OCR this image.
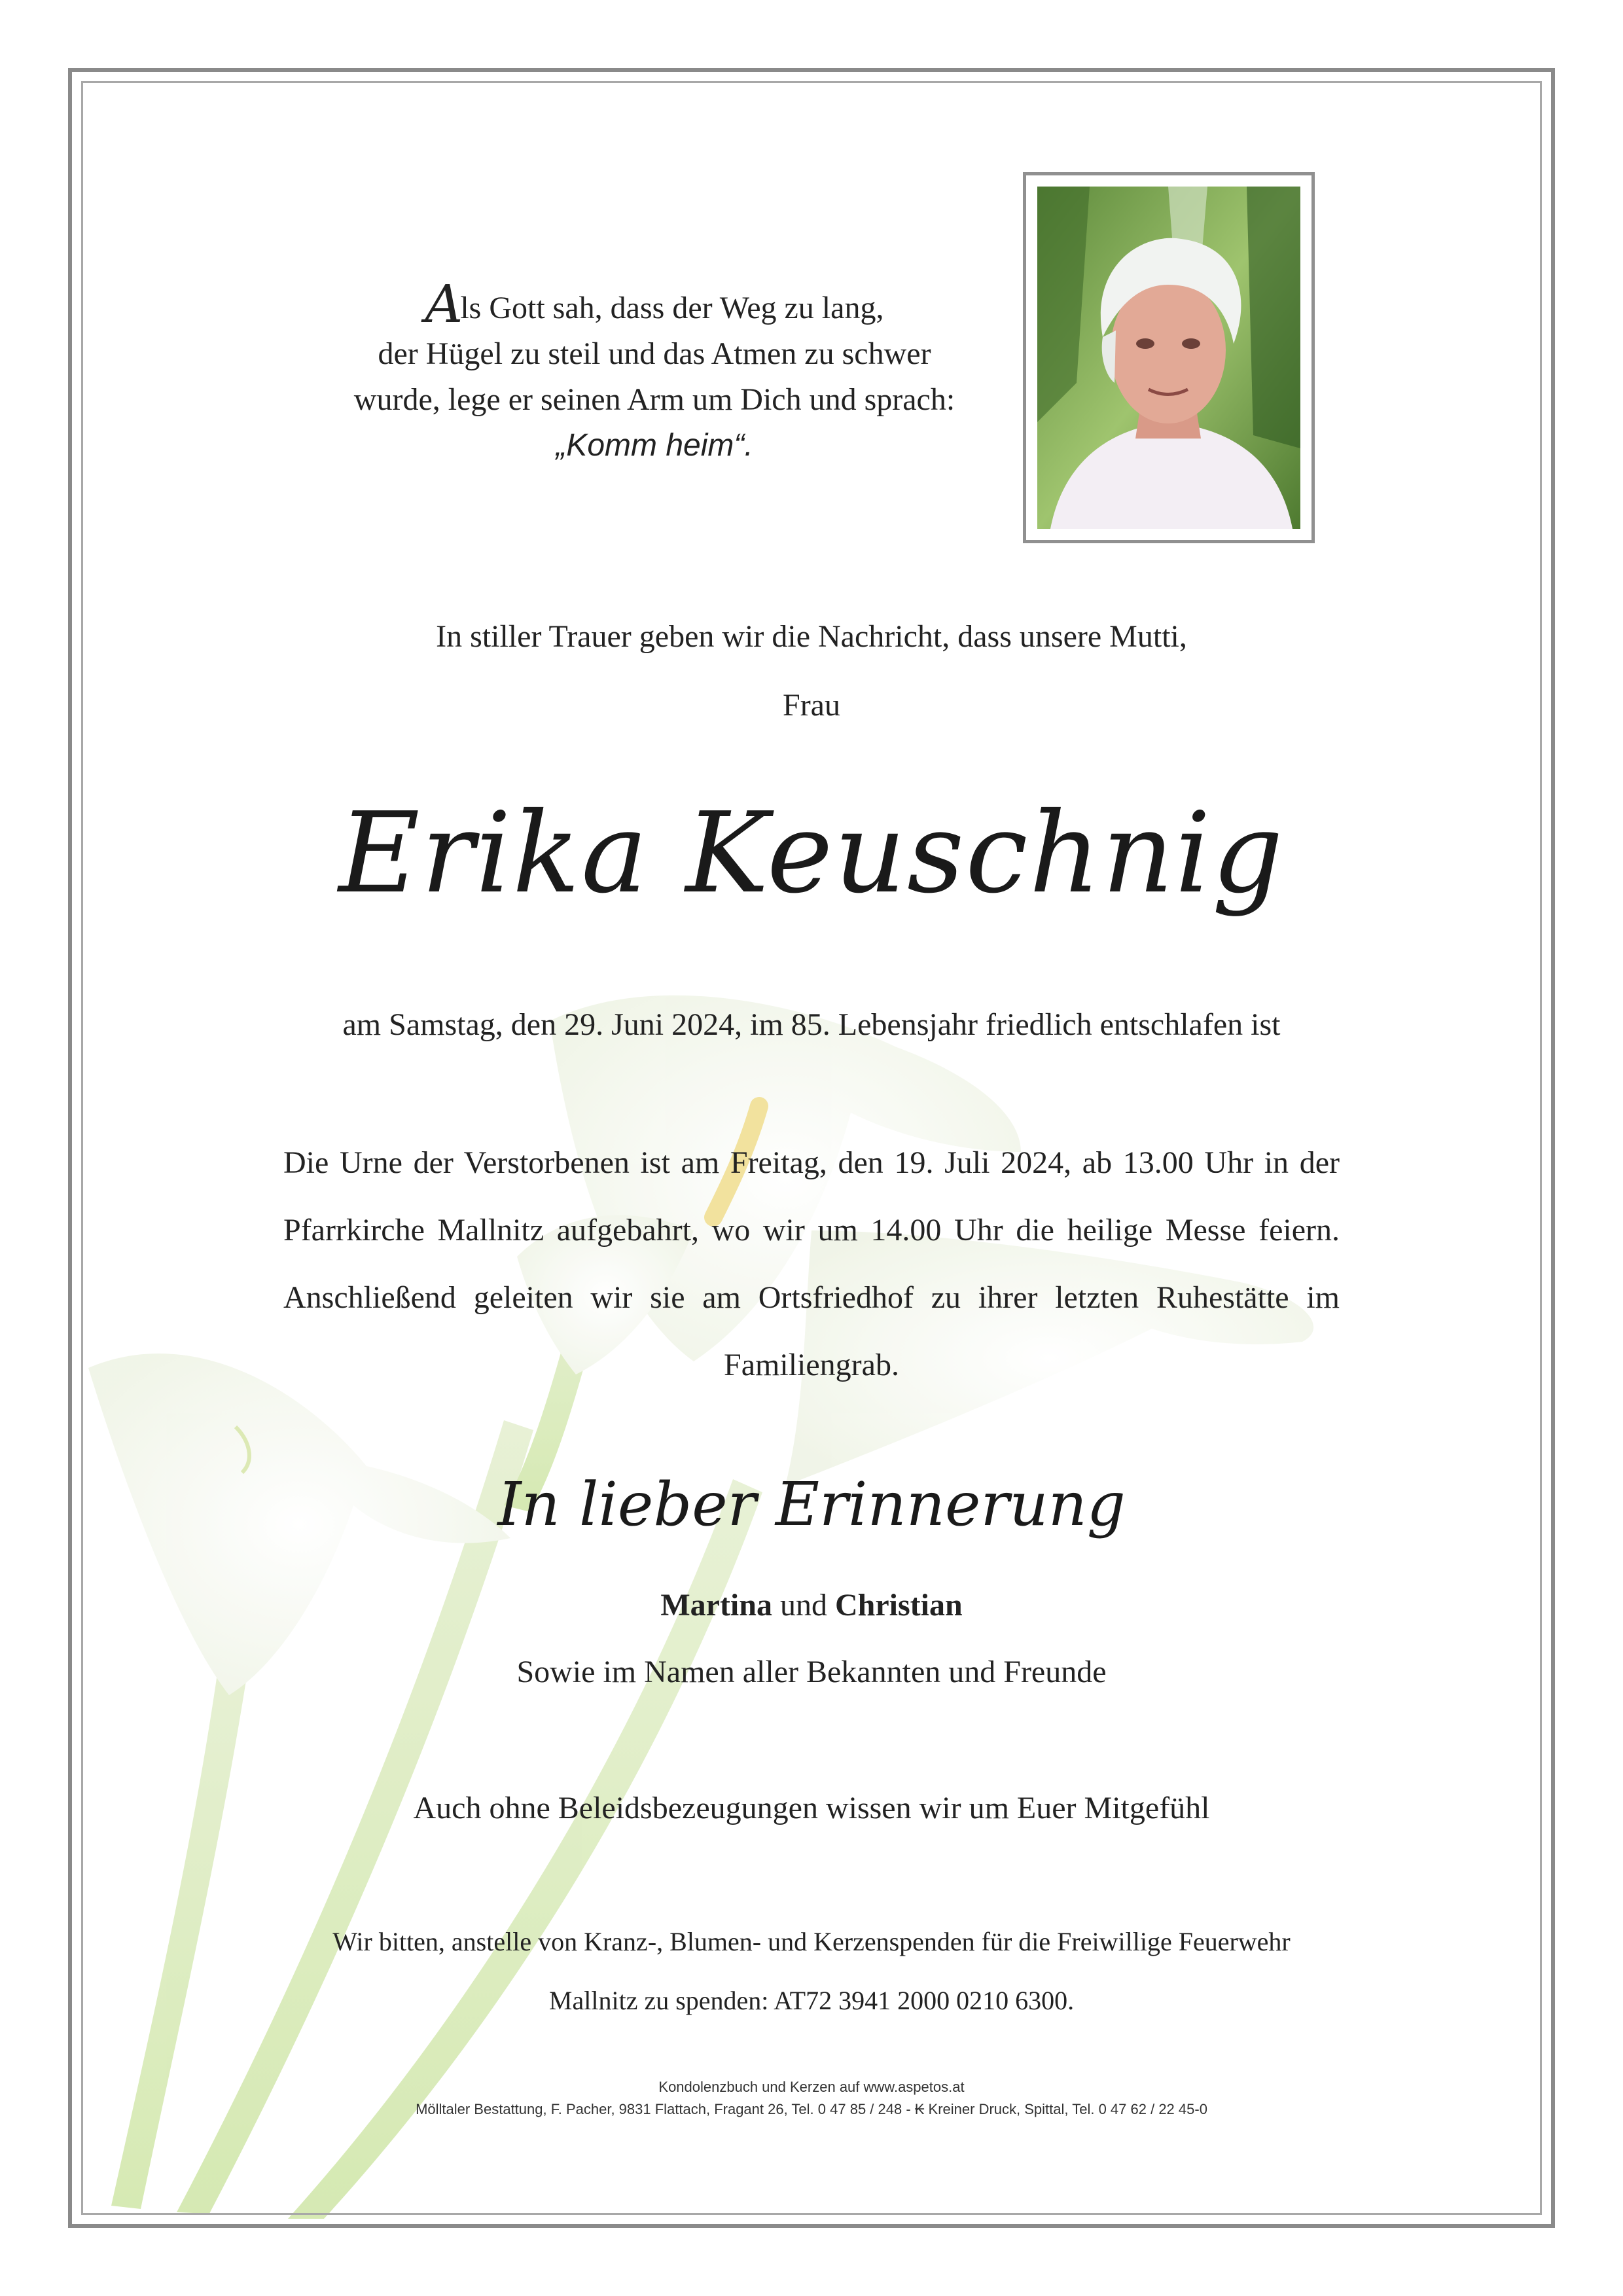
Als Gott sah, dass der Weg zu lang,
der Hügel zu steil und das Atmen zu schwer
wurde, lege er seinen Arm um Dich und sprach:
„Komm heim“.
In stiller Trauer geben wir die Nachricht, dass unsere Mutti,
Frau
Erika Keuschnig
am Samstag, den 29. Juni 2024, im 85. Lebensjahr friedlich entschlafen ist
Die Urne der Verstorbenen ist am Freitag, den 19. Juli 2024, ab 13.00 Uhr in der Pfarrkirche Mallnitz aufgebahrt, wo wir um 14.00 Uhr die heilige Messe feiern. Anschließend geleiten wir sie am Ortsfriedhof zu ihrer letzten Ruhestätte im Familiengrab.
In lieber Erinnerung
Martina und Christian
Sowie im Namen aller Bekannten und Freunde
Auch ohne Beleidsbezeugungen wissen wir um Euer Mitgefühl
Wir bitten, anstelle von Kranz-, Blumen- und Kerzenspenden für die Freiwillige Feuerwehr
Mallnitz zu spenden: AT72 3941 2000 0210 6300.
Kondolenzbuch und Kerzen auf www.aspetos.at
Mölltaler Bestattung, F. Pacher, 9831 Flattach, Fragant 26, Tel. 0 47 85 / 248 - ₭ Kreiner Druck, Spittal, Tel. 0 47 62 / 22 45-0
